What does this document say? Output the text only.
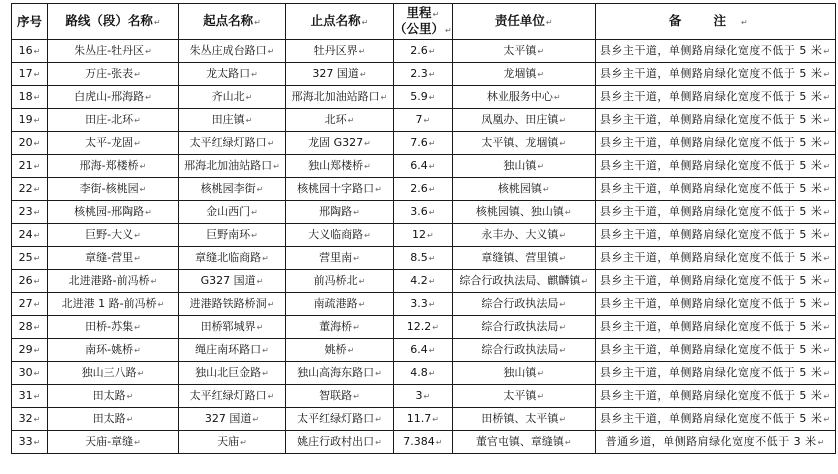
序号	路线（段）名称↵	起点名称↵	止点名称↵	里程↵
（公里）↵	责任单位↵	备 注↵
16↵	朱丛庄-牡丹区↵	朱丛庄成台路口↵	牡丹区界↵	2.6↵	太平镇↵	县乡主干道，单侧路肩绿化宽度不低于 5 米↵
17↵	万庄-张表↵	龙太路口↵	327 国道↵	2.3↵	龙堌镇↵	县乡主干道，单侧路肩绿化宽度不低于 5 米↵
18↵	白虎山-邢海路↵	齐山北↵	邢海北加油站路口↵	5.9↵	林业服务中心↵	县乡主干道，单侧路肩绿化宽度不低于 5 米↵
19↵	田庄-北环↵	田庄镇↵	北环↵	7↵	凤凰办、田庄镇↵	县乡主干道，单侧路肩绿化宽度不低于 5 米↵
20↵	太平-龙固↵	太平红绿灯路口↵	龙固 G327↵	7.6↵	太平镇、龙堌镇↵	县乡主干道，单侧路肩绿化宽度不低于 5 米↵
21↵	邢海-郑楼桥↵	邢海北加油站路口↵	独山郑楼桥↵	6.4↵	独山镇↵	县乡主干道，单侧路肩绿化宽度不低于 5 米↵
22↵	李街-核桃园↵	核桃园李街↵	核桃园十字路口↵	2.6↵	核桃园镇↵	县乡主干道，单侧路肩绿化宽度不低于 5 米↵
23↵	核桃园-邢陶路↵	金山西门↵	邢陶路↵	3.6↵	核桃园镇、独山镇↵	县乡主干道，单侧路肩绿化宽度不低于 5 米↵
24↵	巨野-大义↵	巨野南环↵	大义临商路↵	12↵	永丰办、大义镇↵	县乡主干道，单侧路肩绿化宽度不低于 5 米↵
25↵	章缝-营里↵	章缝北临商路↵	营里南↵	8.5↵	章缝镇、营里镇↵	县乡主干道，单侧路肩绿化宽度不低于 5 米↵
26↵	北进港路-前冯桥↵	G327 国道↵	前冯桥北↵	4.2↵	综合行政执法局、麒麟镇↵	县乡主干道，单侧路肩绿化宽度不低于 5 米↵
27↵	北进港 1 路-前冯桥↵	进港路铁路桥洞↵	南疏港路↵	3.3↵	综合行政执法局↵	县乡主干道，单侧路肩绿化宽度不低于 5 米↵
28↵	田桥-苏集↵	田桥郓城界↵	董海桥↵	12.2↵	综合行政执法局↵	县乡主干道，单侧路肩绿化宽度不低于 5 米↵
29↵	南环-姚桥↵	绳庄南环路口↵	姚桥↵	6.4↵	综合行政执法局↵	县乡主干道，单侧路肩绿化宽度不低于 5 米↵
30↵	独山三八路↵	独山北巨金路↵	独山高海东路口↵	4.8↵	独山镇↵	县乡主干道，单侧路肩绿化宽度不低于 5 米↵
31↵	田太路↵	太平红绿灯路口↵	智联路↵	3↵	太平镇↵	县乡主干道，单侧路肩绿化宽度不低于 5 米↵
32↵	田太路↵	327 国道↵	太平红绿灯路口↵	11.7↵	田桥镇、太平镇↵	县乡主干道，单侧路肩绿化宽度不低于 5 米↵
33↵	天庙-章缝↵	天庙↵	姚庄行政村出口↵	7.384↵	董官屯镇、章缝镇↵	普通乡道，单侧路肩绿化宽度不低于 3 米↵
